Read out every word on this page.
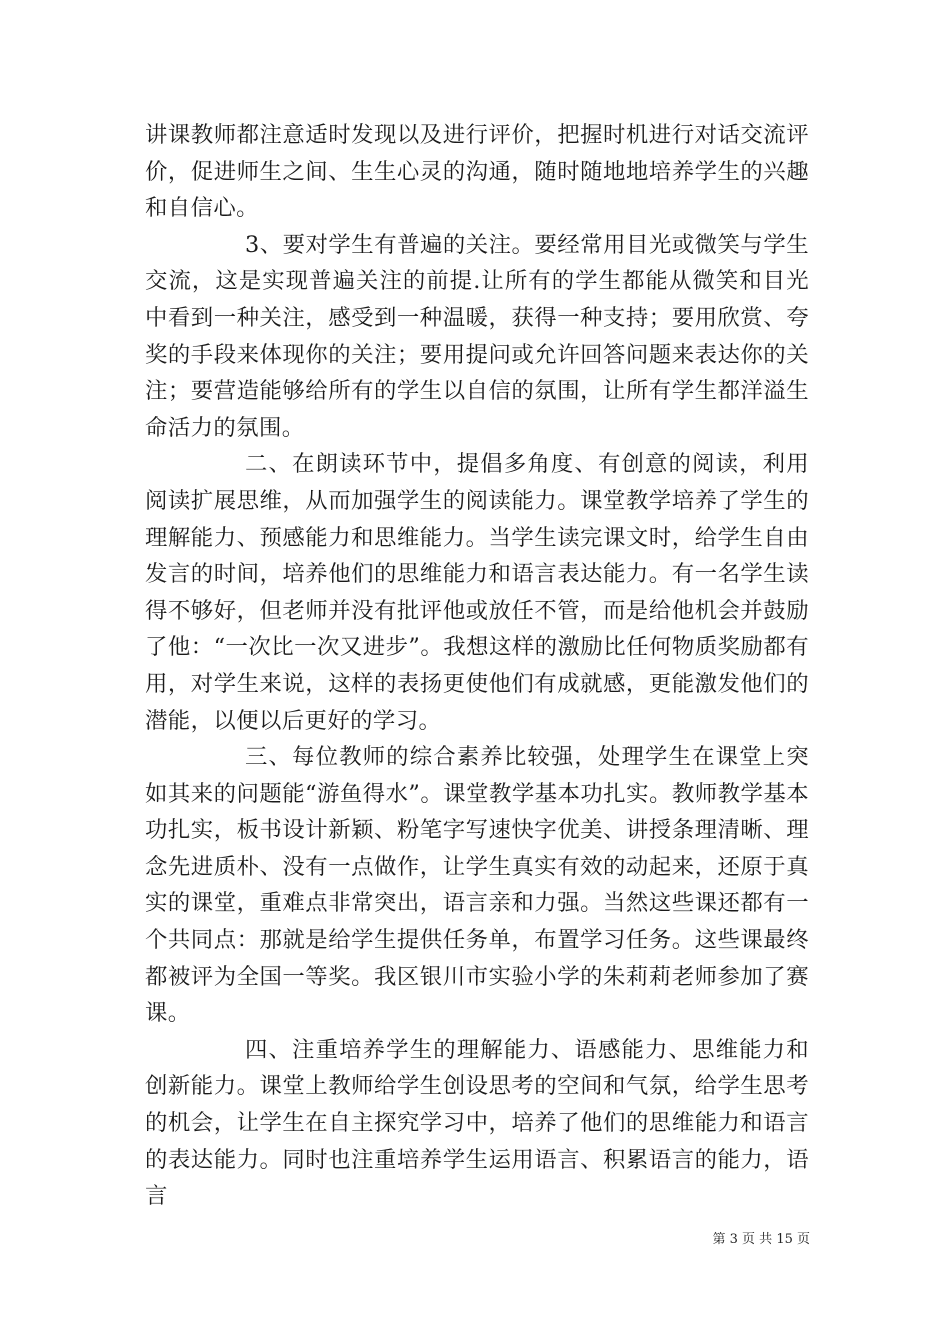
讲课教师都注意适时发现以及进行评价，把握时机进行对话交流评价，促进师生之间、生生心灵的沟通，随时随地地培养学生的兴趣和自信心。

3、要对学生有普遍的关注。要经常用目光或微笑与学生交流，这是实现普遍关注的前提.让所有的学生都能从微笑和目光中看到一种关注，感受到一种温暖，获得一种支持；要用欣赏、夸奖的手段来体现你的关注；要用提问或允许回答问题来表达你的关注；要营造能够给所有的学生以自信的氛围，让所有学生都洋溢生命活力的氛围。

二、在朗读环节中，提倡多角度、有创意的阅读，利用阅读扩展思维，从而加强学生的阅读能力。课堂教学培养了学生的理解能力、预感能力和思维能力。当学生读完课文时，给学生自由发言的时间，培养他们的思维能力和语言表达能力。有一名学生读得不够好，但老师并没有批评他或放任不管，而是给他机会并鼓励了他：“一次比一次又进步”。我想这样的激励比任何物质奖励都有用，对学生来说，这样的表扬更使他们有成就感，更能激发他们的潜能，以便以后更好的学习。

三、每位教师的综合素养比较强，处理学生在课堂上突如其来的问题能“游鱼得水”。课堂教学基本功扎实。教师教学基本功扎实，板书设计新颖、粉笔字写速快字优美、讲授条理清晰、理念先进质朴、没有一点做作，让学生真实有效的动起来，还原于真实的课堂，重难点非常突出，语言亲和力强。当然这些课还都有一个共同点：那就是给学生提供任务单，布置学习任务。这些课最终都被评为全国一等奖。我区银川市实验小学的朱莉莉老师参加了赛课。

四、注重培养学生的理解能力、语感能力、思维能力和创新能力。课堂上教师给学生创设思考的空间和气氛，给学生思考的机会，让学生在自主探究学习中，培养了他们的思维能力和语言的表达能力。同时也注重培养学生运用语言、积累语言的能力，语言

第 3 页 共 15 页
